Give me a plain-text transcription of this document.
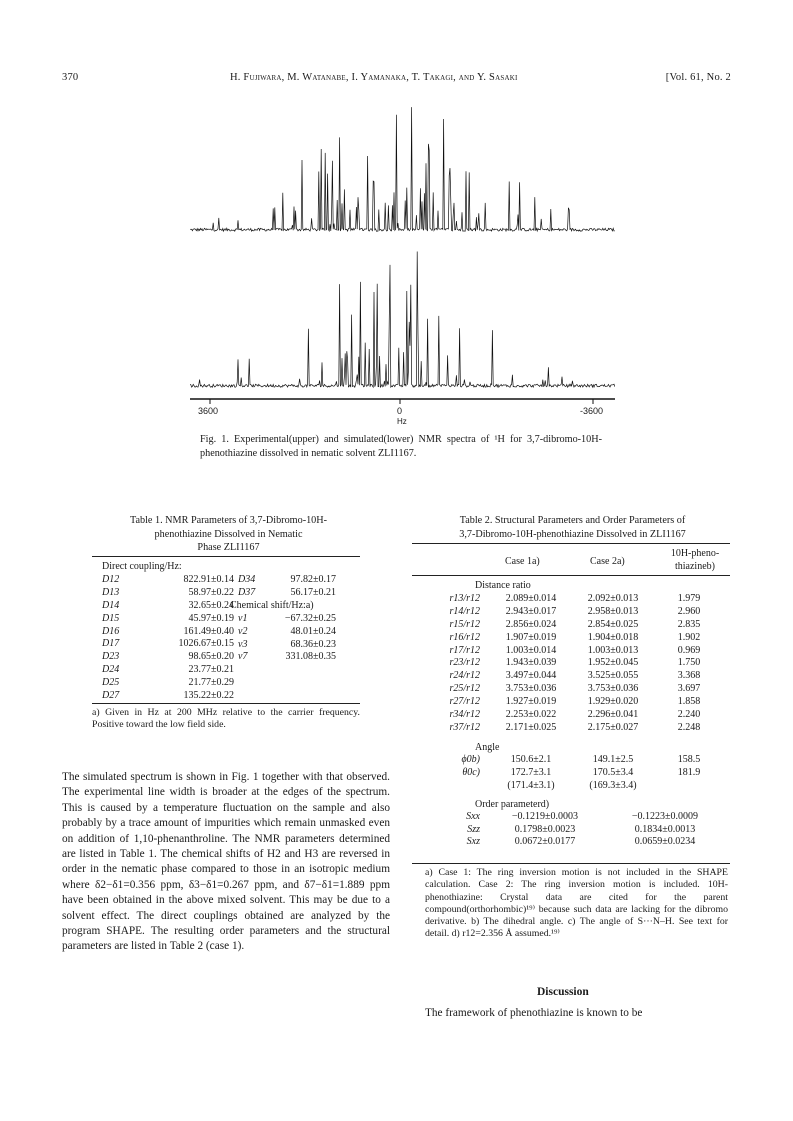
370	H. Fujiwara, M. Watanabe, I. Yamanaka, T. Takagi, and Y. Sasaki	[Vol. 61, No. 2
3600	0	-3600
Hz
Fig. 1. Experimental(upper) and simulated(lower) NMR spectra of ¹H for 3,7-dibromo-10H-phenothiazine dissolved in nematic solvent ZLI1167.
Table 1. NMR Parameters of 3,7-Dibromo-10H-
phenothiazine Dissolved in Nematic
Phase ZLI1167
Direct coupling/Hz:
D12	822.91±0.14
D13	58.97±0.22
D14	32.65±0.24
D15	45.97±0.19
D16	161.49±0.40
D17	1026.67±0.15
D23	98.65±0.20
D24	23.77±0.21
D25	21.77±0.29
D27	135.22±0.22
D34	97.82±0.17
D37	56.17±0.21
Chemical shift/Hz:a)
ν1	−67.32±0.25
ν2	48.01±0.24
ν3	68.36±0.23
ν7	331.08±0.35
a) Given in Hz at 200 MHz relative to the carrier frequency. Positive toward the low field side.
Table 2. Structural Parameters and Order Parameters of
3,7-Dibromo-10H-phenothiazine Dissolved in ZLI1167
Case 1a)	Case 2a)
10H-pheno-
thiazineb)
Distance ratio
r13/r12	2.089±0.014	2.092±0.013	1.979
r14/r12	2.943±0.017	2.958±0.013	2.960
r15/r12	2.856±0.024	2.854±0.025	2.835
r16/r12	1.907±0.019	1.904±0.018	1.902
r17/r12	1.003±0.014	1.003±0.013	0.969
r23/r12	1.943±0.039	1.952±0.045	1.750
r24/r12	3.497±0.044	3.525±0.055	3.368
r25/r12	3.753±0.036	3.753±0.036	3.697
r27/r12	1.927±0.019	1.929±0.020	1.858
r34/r12	2.253±0.022	2.296±0.041	2.240
r37/r12	2.171±0.025	2.175±0.027	2.248
Angle
ϕ0b)	150.6±2.1	149.1±2.5	158.5
θ0c)	172.7±3.1	170.5±3.4	181.9
	(171.4±3.1)	(169.3±3.4)	
Order parameterd)
Sxx	−0.1219±0.0003	−0.1223±0.0009
Szz	0.1798±0.0023	0.1834±0.0013
Sxz	0.0672±0.0177	0.0659±0.0234
a) Case 1: The ring inversion motion is not included in the SHAPE calculation. Case 2: The ring inversion motion is included. 10H-phenothiazine: Crystal data are cited for the parent compound(orthorhombic)¹⁹⁾ because such data are lacking for the dibromo derivative. b) The dihedral angle. c) The angle of S···N–H. See text for detail. d) r12=2.356 Å assumed.¹⁹⁾
The simulated spectrum is shown in Fig. 1 together with that observed. The experimental line width is broader at the edges of the spectrum. This is caused by a temperature fluctuation on the sample and also probably by a trace amount of impurities which remain unmasked even on addition of 1,10-phenanthroline. The NMR parameters determined are listed in Table 1. The chemical shifts of H2 and H3 are reversed in order in the nematic phase compared to those in an isotropic medium where δ2−δ1=0.356 ppm, δ3−δ1=0.267 ppm, and δ7−δ1=1.889 ppm have been obtained in the above mixed solvent. This may be due to a solvent effect. The direct couplings obtained are analyzed by the program SHAPE. The resulting order parameters and the structural parameters are listed in Table 2 (case 1).
Discussion
The framework of phenothiazine is known to be
